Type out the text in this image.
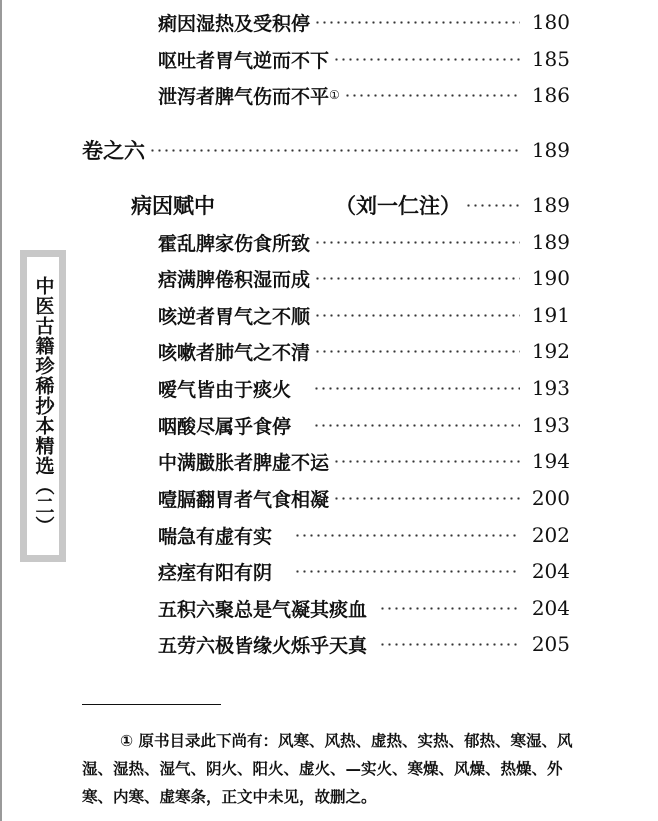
中医古籍珍稀抄本精选（二）
痢因湿热及受积停	180
呕吐者胃气逆而不下	185
泄泻者脾气伤而不平 ①	186
卷之六	189
病因赋中	（刘一仁注）	189
霍乱脾家伤食所致	189
痞满脾倦积湿而成	190
咳逆者胃气之不顺	191
咳嗽者肺气之不清	192
嗳气皆由于痰火	193
咽酸尽属乎食停	193
中满臌胀者脾虚不运	194
噎膈翻胃者气食相凝	200
喘急有虚有实	202
痉痓有阳有阴	204
五积六聚总是气凝其痰血	204
五劳六极皆缘火烁乎天真	205
① 原书目录此下尚有：风寒、风热、虚热、实热、郁热、寒湿、风湿、湿热、湿气、阴火、阳火、虚火、—实火、寒燥、风燥、热燥、外寒、内寒、虚寒条，正文中未见，故删之。
